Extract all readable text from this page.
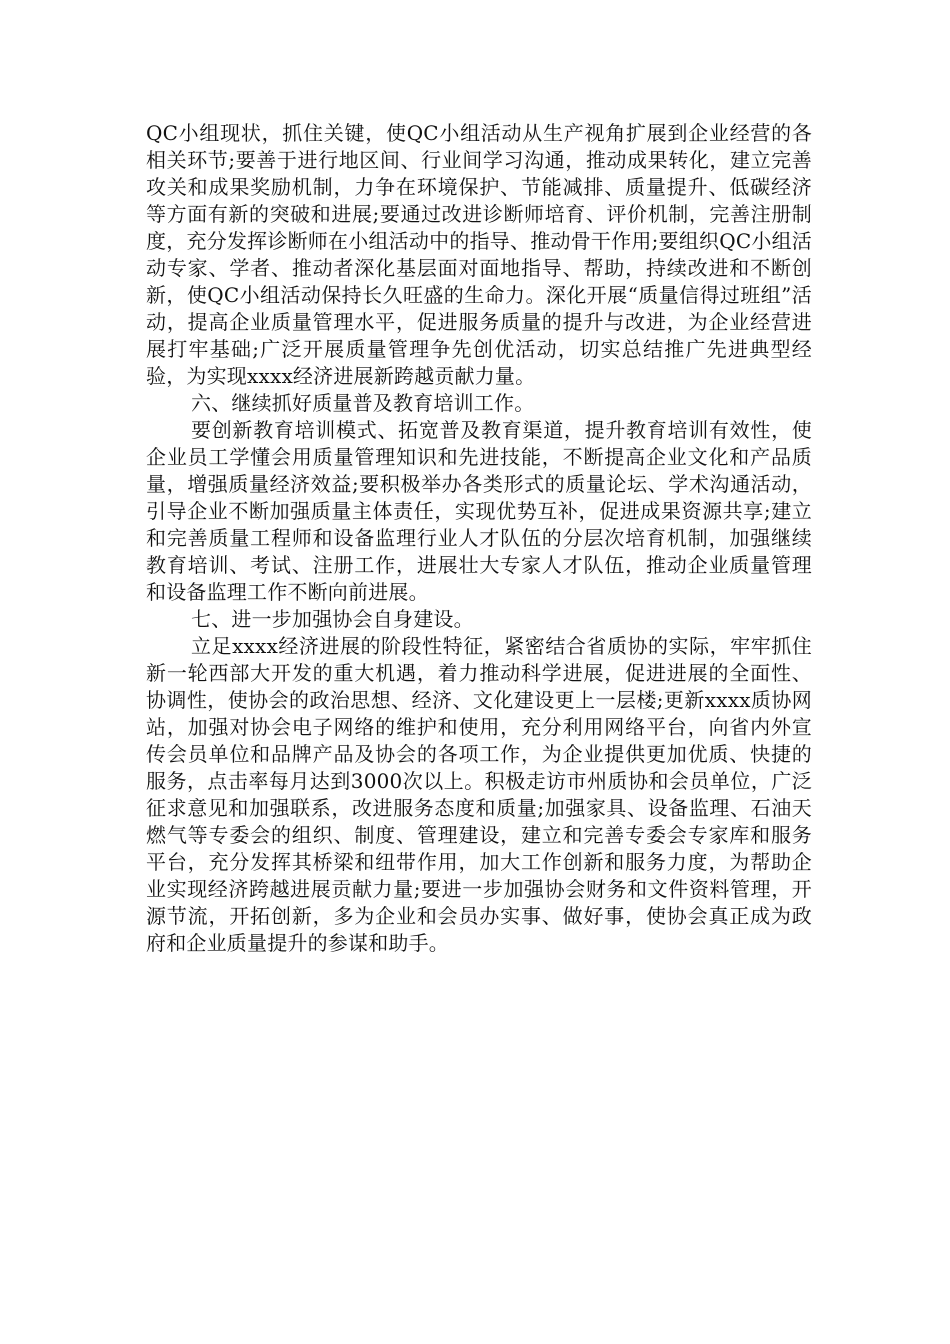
QC小组现状，抓住关键，使QC小组活动从生产视角扩展到企业经营的各相关环节;要善于进行地区间、行业间学习沟通，推动成果转化，建立完善攻关和成果奖励机制，力争在环境保护、节能减排、质量提升、低碳经济等方面有新的突破和进展;要通过改进诊断师培育、评价机制，完善注册制度，充分发挥诊断师在小组活动中的指导、推动骨干作用;要组织QC小组活动专家、学者、推动者深化基层面对面地指导、帮助，持续改进和不断创新，使QC小组活动保持长久旺盛的生命力。深化开展“质量信得过班组”活动，提高企业质量管理水平，促进服务质量的提升与改进，为企业经营进展打牢基础;广泛开展质量管理争先创优活动，切实总结推广先进典型经验，为实现xxxx经济进展新跨越贡献力量。

六、继续抓好质量普及教育培训工作。

要创新教育培训模式、拓宽普及教育渠道，提升教育培训有效性，使企业员工学懂会用质量管理知识和先进技能，不断提高企业文化和产品质量，增强质量经济效益;要积极举办各类形式的质量论坛、学术沟通活动，引导企业不断加强质量主体责任，实现优势互补，促进成果资源共享;建立和完善质量工程师和设备监理行业人才队伍的分层次培育机制，加强继续教育培训、考试、注册工作，进展壮大专家人才队伍，推动企业质量管理和设备监理工作不断向前进展。

七、进一步加强协会自身建设。

立足xxxx经济进展的阶段性特征，紧密结合省质协的实际，牢牢抓住新一轮西部大开发的重大机遇，着力推动科学进展，促进进展的全面性、协调性，使协会的政治思想、经济、文化建设更上一层楼;更新xxxx质协网站，加强对协会电子网络的维护和使用，充分利用网络平台，向省内外宣传会员单位和品牌产品及协会的各项工作，为企业提供更加优质、快捷的服务，点击率每月达到3000次以上。积极走访市州质协和会员单位，广泛征求意见和加强联系，改进服务态度和质量;加强家具、设备监理、石油天燃气等专委会的组织、制度、管理建设，建立和完善专委会专家库和服务平台，充分发挥其桥梁和纽带作用，加大工作创新和服务力度，为帮助企业实现经济跨越进展贡献力量;要进一步加强协会财务和文件资料管理，开源节流，开拓创新，多为企业和会员办实事、做好事，使协会真正成为政府和企业质量提升的参谋和助手。
